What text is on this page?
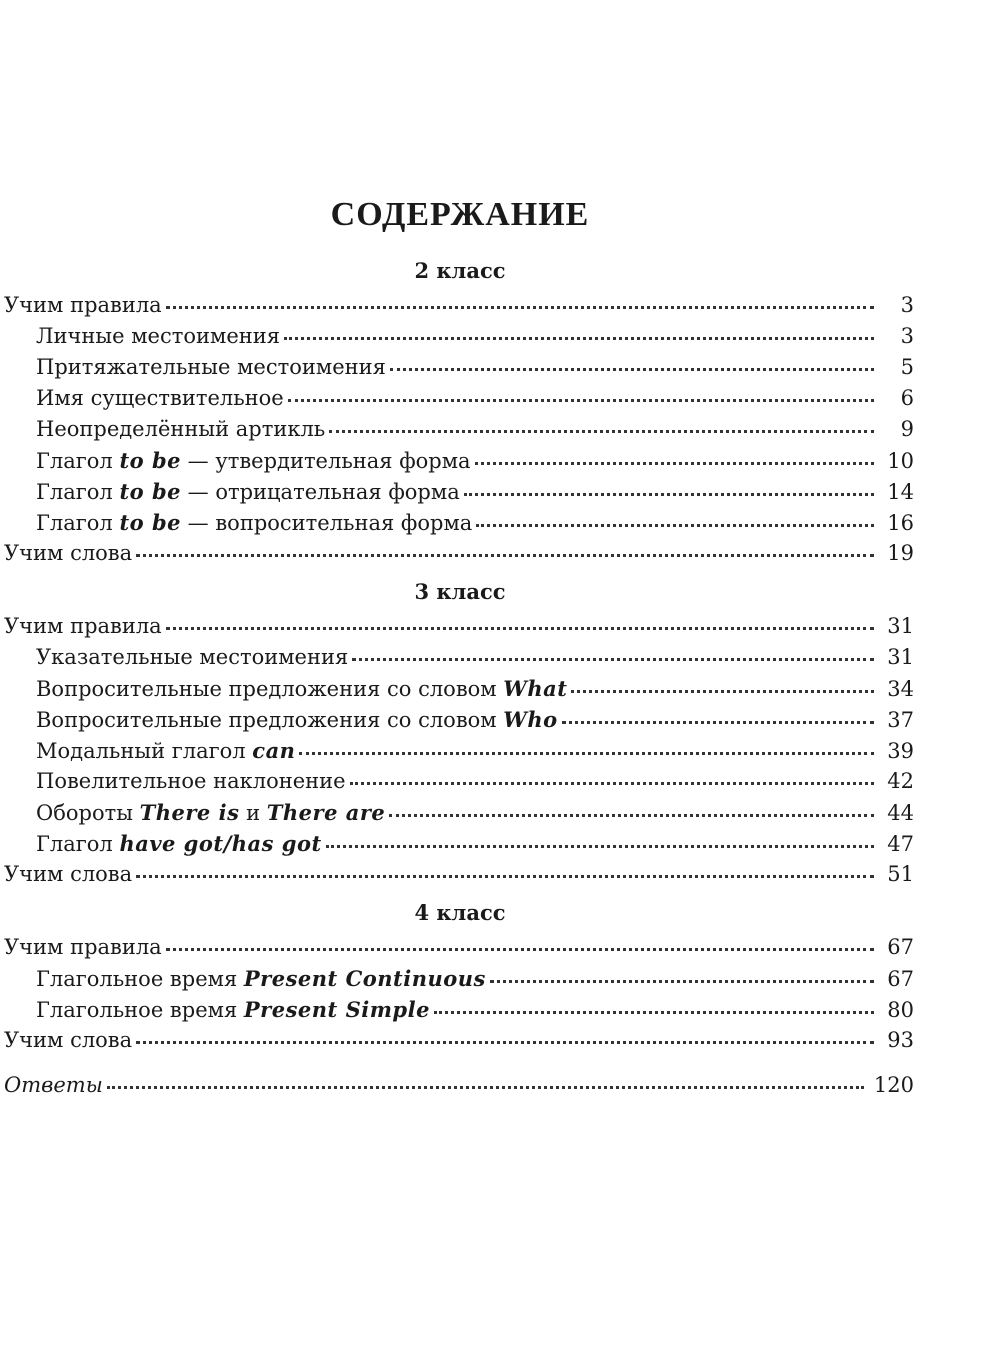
СОДЕРЖАНИЕ
2 класс
Учим правила	3
Личные местоимения	3
Притяжательные местоимения	5
Имя существительное	6
Неопределённый артикль	9
Глагол to be — утвердительная форма	10
Глагол to be — отрицательная форма	14
Глагол to be — вопросительная форма	16
Учим слова	19
3 класс
Учим правила	31
Указательные местоимения	31
Вопросительные предложения со словом What	34
Вопросительные предложения со словом Who	37
Модальный глагол can	39
Повелительное наклонение	42
Обороты There is и There are	44
Глагол have got/has got	47
Учим слова	51
4 класс
Учим правила	67
Глагольное время Present Continuous	67
Глагольное время Present Simple	80
Учим слова	93
Ответы	120
